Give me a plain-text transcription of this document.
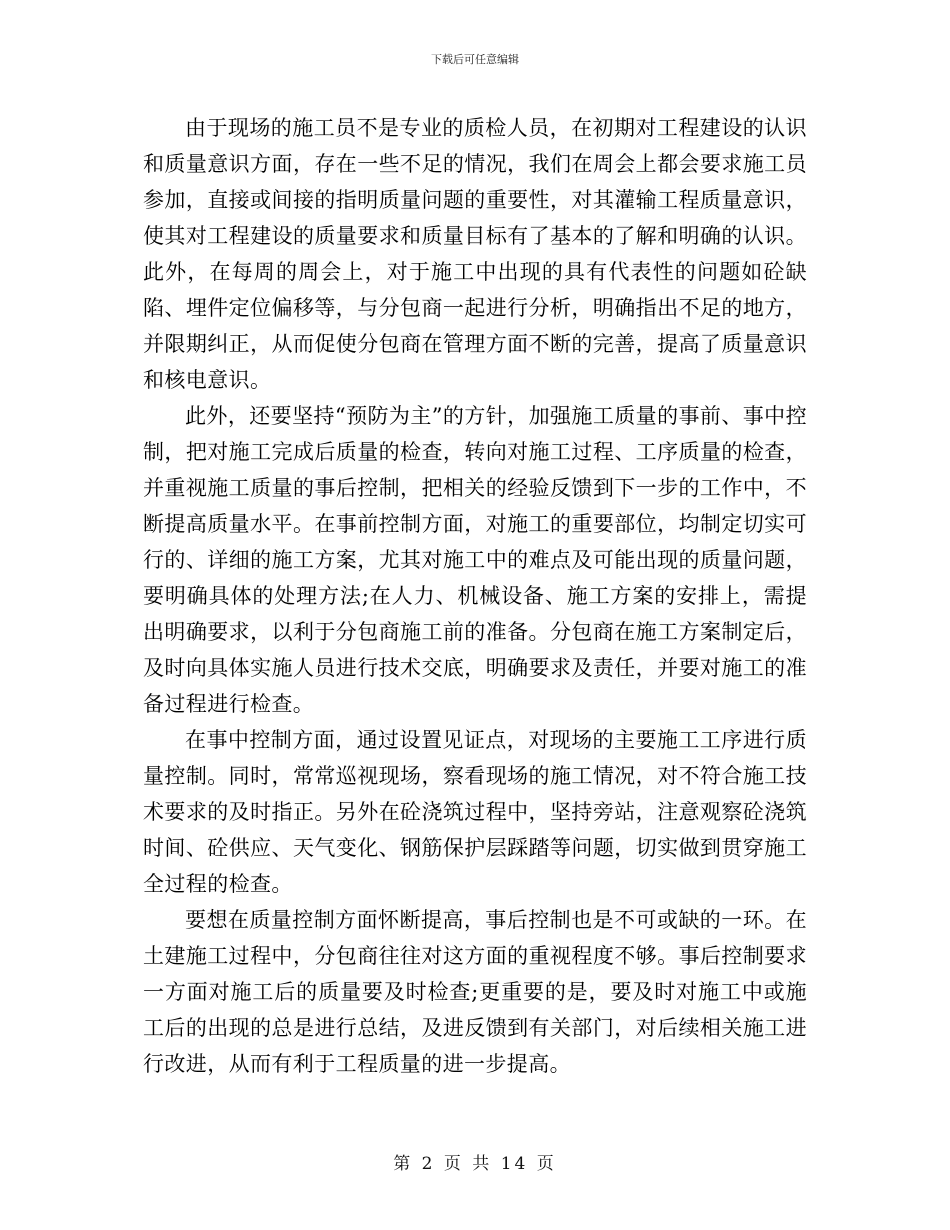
下载后可任意编辑

由于现场的施工员不是专业的质检人员，在初期对工程建设的认识和质量意识方面，存在一些不足的情况，我们在周会上都会要求施工员参加，直接或间接的指明质量问题的重要性，对其灌输工程质量意识，使其对工程建设的质量要求和质量目标有了基本的了解和明确的认识。此外，在每周的周会上，对于施工中出现的具有代表性的问题如砼缺陷、埋件定位偏移等，与分包商一起进行分析，明确指出不足的地方，并限期纠正，从而促使分包商在管理方面不断的完善，提高了质量意识和核电意识。

此外，还要坚持“预防为主”的方针，加强施工质量的事前、事中控制，把对施工完成后质量的检查，转向对施工过程、工序质量的检查，并重视施工质量的事后控制，把相关的经验反馈到下一步的工作中，不断提高质量水平。在事前控制方面，对施工的重要部位，均制定切实可行的、详细的施工方案，尤其对施工中的难点及可能出现的质量问题，要明确具体的处理方法;在人力、机械设备、施工方案的安排上，需提出明确要求，以利于分包商施工前的准备。分包商在施工方案制定后，及时向具体实施人员进行技术交底，明确要求及责任，并要对施工的准备过程进行检查。

在事中控制方面，通过设置见证点，对现场的主要施工工序进行质量控制。同时，常常巡视现场，察看现场的施工情况，对不符合施工技术要求的及时指正。另外在砼浇筑过程中，坚持旁站，注意观察砼浇筑时间、砼供应、天气变化、钢筋保护层踩踏等问题，切实做到贯穿施工全过程的检查。

要想在质量控制方面怀断提高，事后控制也是不可或缺的一环。在土建施工过程中，分包商往往对这方面的重视程度不够。事后控制要求一方面对施工后的质量要及时检查;更重要的是，要及时对施工中或施工后的出现的总是进行总结，及进反馈到有关部门，对后续相关施工进行改进，从而有利于工程质量的进一步提高。

第 2 页 共 14 页
